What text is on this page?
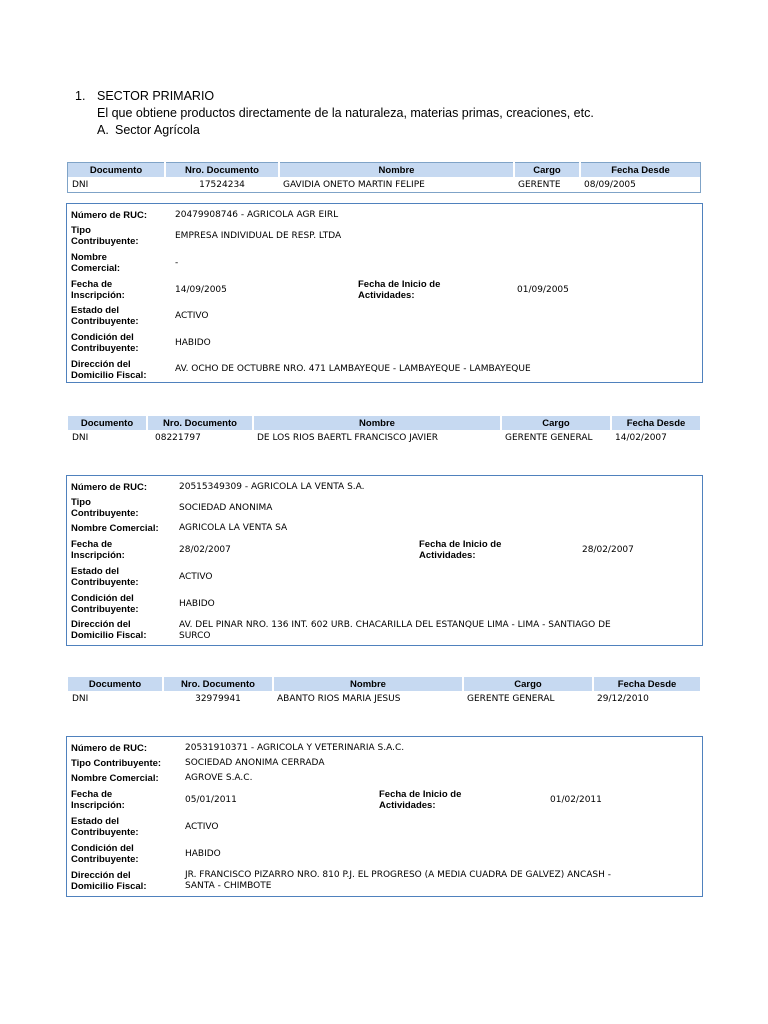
1. SECTOR PRIMARIO
El que obtiene productos directamente de la naturaleza, materias primas, creaciones, etc.
A. Sector Agrícola
Documento	Nro. Documento	Nombre	Cargo	Fecha Desde
DNI	17524234	GAVIDIA ONETO MARTIN FELIPE	GERENTE	08/09/2005
Número de RUC:	20479908746 - AGRICOLA AGR EIRL
Tipo
Contribuyente:	EMPRESA INDIVIDUAL DE RESP. LTDA
Nombre
Comercial:	-
Fecha de
Inscripción:	14/09/2005	Fecha de Inicio de
Actividades:	01/09/2005
Estado del
Contribuyente:	ACTIVO
Condición del
Contribuyente:	HABIDO
Dirección del
Domicilio Fiscal:
AV. OCHO DE OCTUBRE NRO. 471 LAMBAYEQUE - LAMBAYEQUE - LAMBAYEQUE
Documento	Nro. Documento	Nombre	Cargo	Fecha Desde
DNI	08221797	DE LOS RIOS BAERTL FRANCISCO JAVIER	GERENTE GENERAL	14/02/2007
Número de RUC:	20515349309 - AGRICOLA LA VENTA S.A.
Tipo
Contribuyente:	SOCIEDAD ANONIMA
Nombre Comercial: AGRICOLA LA VENTA SA
Fecha de
Inscripción:	28/02/2007	Fecha de Inicio de
Actividades:	28/02/2007
Estado del
Contribuyente:	ACTIVO
Condición del
Contribuyente:	HABIDO
Dirección del
Domicilio Fiscal:
AV. DEL PINAR NRO. 136 INT. 602 URB. CHACARILLA DEL ESTANQUE LIMA - LIMA - SANTIAGO DE
SURCO
Documento	Nro. Documento	Nombre	Cargo	Fecha Desde
DNI	32979941	ABANTO RIOS MARIA JESUS	GERENTE GENERAL	29/12/2010
Número de RUC:	20531910371 - AGRICOLA Y VETERINARIA S.A.C.
Tipo Contribuyente:	SOCIEDAD ANONIMA CERRADA
Nombre Comercial:	AGROVE S.A.C.
Fecha de
Inscripción:	05/01/2011	Fecha de Inicio de
Actividades:	01/02/2011
Estado del
Contribuyente:	ACTIVO
Condición del
Contribuyente:	HABIDO
Dirección del
Domicilio Fiscal:
JR. FRANCISCO PIZARRO NRO. 810 P.J. EL PROGRESO (A MEDIA CUADRA DE GALVEZ) ANCASH -
SANTA - CHIMBOTE
